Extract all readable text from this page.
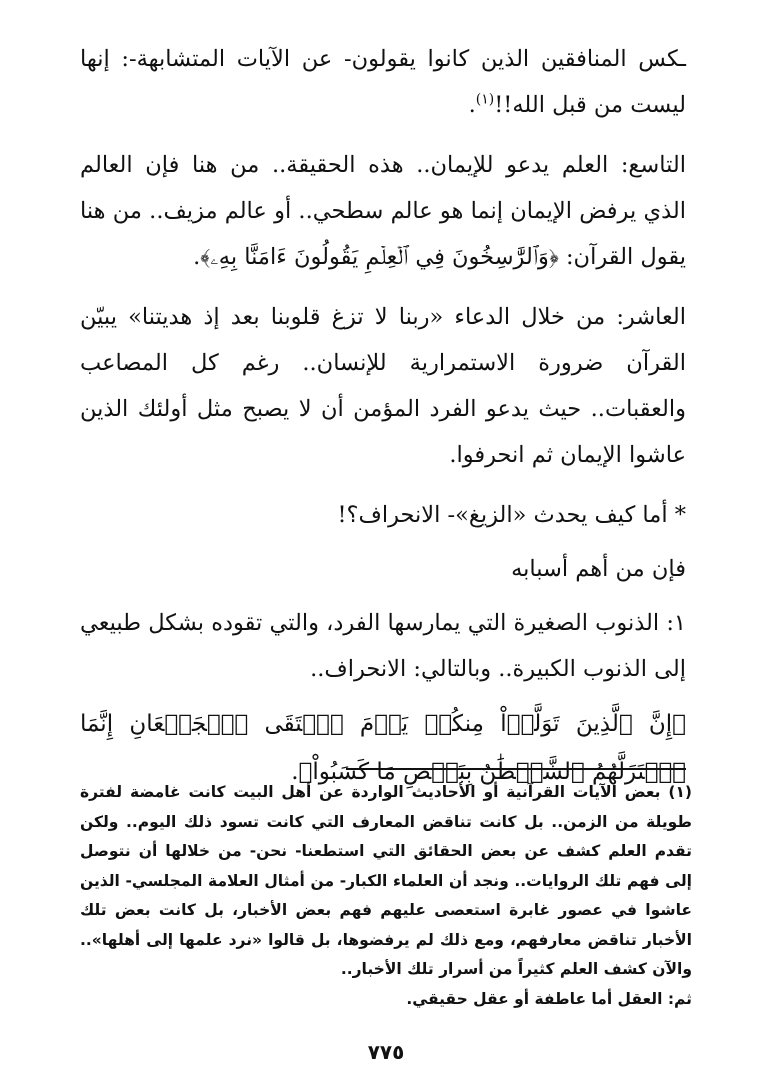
ـكس المنافقين الذين كانوا يقولون- عن الآيات المتشابهة-: إنها ليست من قبل الله!!$^{(١)}$.

التاسع: العلم يدعو للإيمان.. هذه الحقيقة.. من هنا فإن العالم الذي يرفض الإيمان إنما هو عالم سطحي.. أو عالم مزيف.. من هنا يقول القرآن: ﴿وَٱلرَّٰسِخُونَ فِي ٱلۡعِلۡمِ يَقُولُونَ ءَامَنَّا بِهِۦ﴾.

العاشر: من خلال الدعاء «ربنا لا تزغ قلوبنا بعد إذ هديتنا» يبيّن القرآن ضرورة الاستمرارية للإنسان.. رغم كل المصاعب والعقبات.. حيث يدعو الفرد المؤمن أن لا يصبح مثل أولئك الذين عاشوا الإيمان ثم انحرفوا.

* أما كيف يحدث «الزيغ»- الانحراف؟!

فإن من أهم أسبابه

١: الذنوب الصغيرة التي يمارسها الفرد، والتي تقوده بشكل طبيعي إلى الذنوب الكبيرة.. وبالتالي: الانحراف..

﴿إِنَّ ٱلَّذِينَ تَوَلَّوۡاْ مِنكُمۡ يَوۡمَ ٱلۡتَقَى ٱلۡجَمۡعَانِ إِنَّمَا ٱسۡتَزَلَّهُمُ ٱلشَّيۡطَٰنُ بِبَعۡضِ مَا كَسَبُواْ﴾.

(١) بعض الآيات القرآنية أو الأحاديث الواردة عن أهل البيت كانت غامضة لفترة طويلة من الزمن.. بل كانت تناقض المعارف التي كانت تسود ذلك اليوم.. ولكن تقدم العلم كشف عن بعض الحقائق التي استطعنا- نحن- من خلالها أن نتوصل إلى فهم تلك الروايات.. ونجد أن العلماء الكبار- من أمثال العلامة المجلسي- الذين عاشوا في عصور غابرة استعصى عليهم فهم بعض الأخبار، بل كانت بعض تلك الأخبار تناقض معارفهم، ومع ذلك لم يرفضوها، بل قالوا «نرد علمها إلى أهلها».. والآن كشف العلم كثيراً من أسرار تلك الأخبار..

ثم: العقل أما عاطفة أو عقل حقيقي.

٧٧٥
